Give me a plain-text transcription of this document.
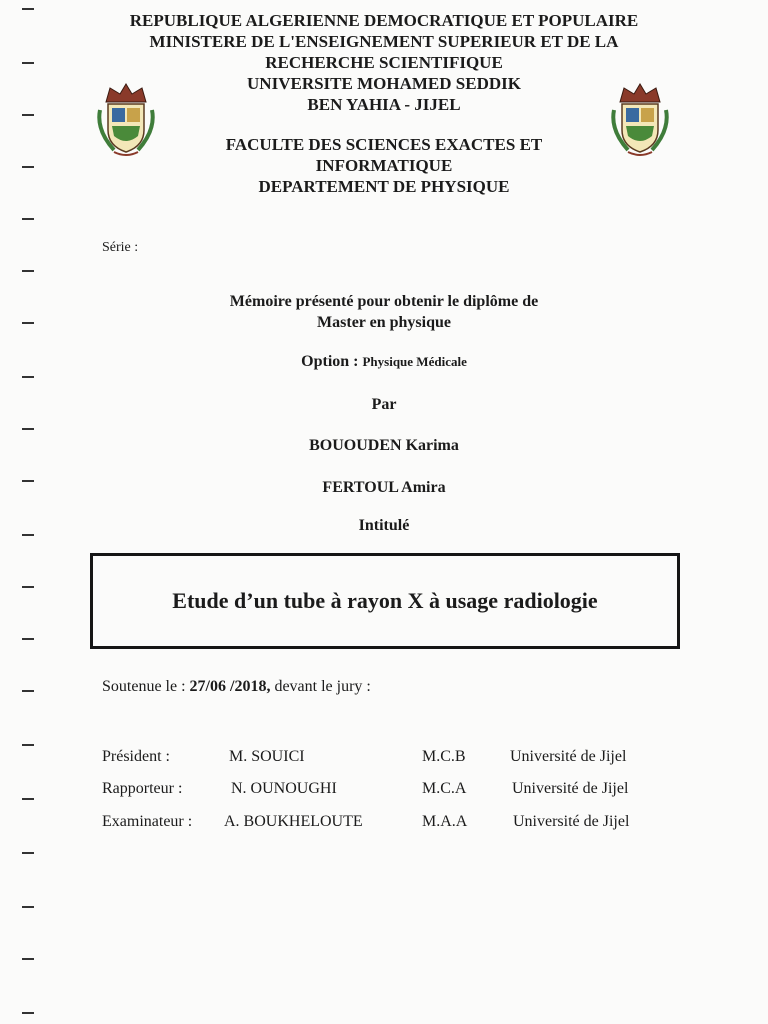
REPUBLIQUE ALGERIENNE DEMOCRATIQUE ET POPULAIRE
MINISTERE DE L'ENSEIGNEMENT SUPERIEUR ET DE LA
RECHERCHE SCIENTIFIQUE
UNIVERSITE MOHAMED SEDDIK
BEN YAHIA - JIJEL
FACULTE DES SCIENCES EXACTES ET
INFORMATIQUE
DEPARTEMENT DE PHYSIQUE
Série :
Mémoire présenté pour obtenir le diplôme de
Master en physique
Option : Physique Médicale
Par
BOUOUDEN Karima
FERTOUL Amira
Intitulé
Etude d’un tube à rayon X à usage radiologie
Soutenue le : 27/06 /2018, devant le jury :
Président :	M. SOUICI	M.C.B	Université de Jijel
Rapporteur :	N. OUNOUGHI	M.C.A	Université de Jijel
Examinateur : A. BOUKHELOUTE	M.A.A	Université de Jijel
